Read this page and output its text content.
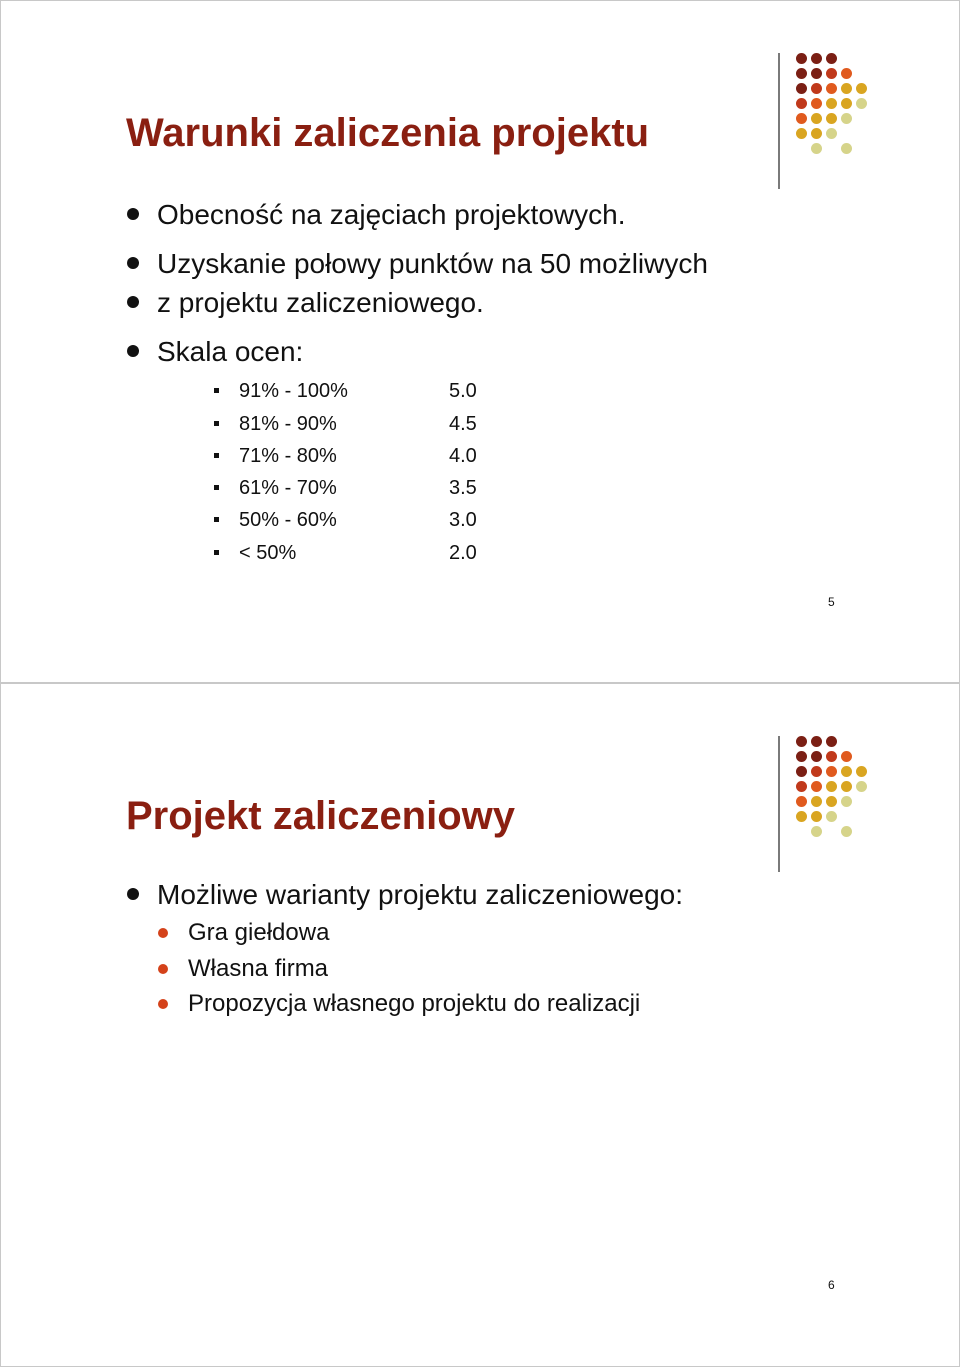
Warunki zaliczenia projektu
Obecność na zajęciach projektowych.
Uzyskanie połowy punktów na 50 możliwych
z projektu zaliczeniowego.
Skala ocen:
91% - 100%	5.0
81% - 90%	4.5
71% - 80%	4.0
61% - 70%	3.5
50% - 60%	3.0
< 50%	2.0
5
Projekt zaliczeniowy
Możliwe warianty projektu zaliczeniowego:
Gra giełdowa
Własna firma
Propozycja własnego projektu do realizacji
6
